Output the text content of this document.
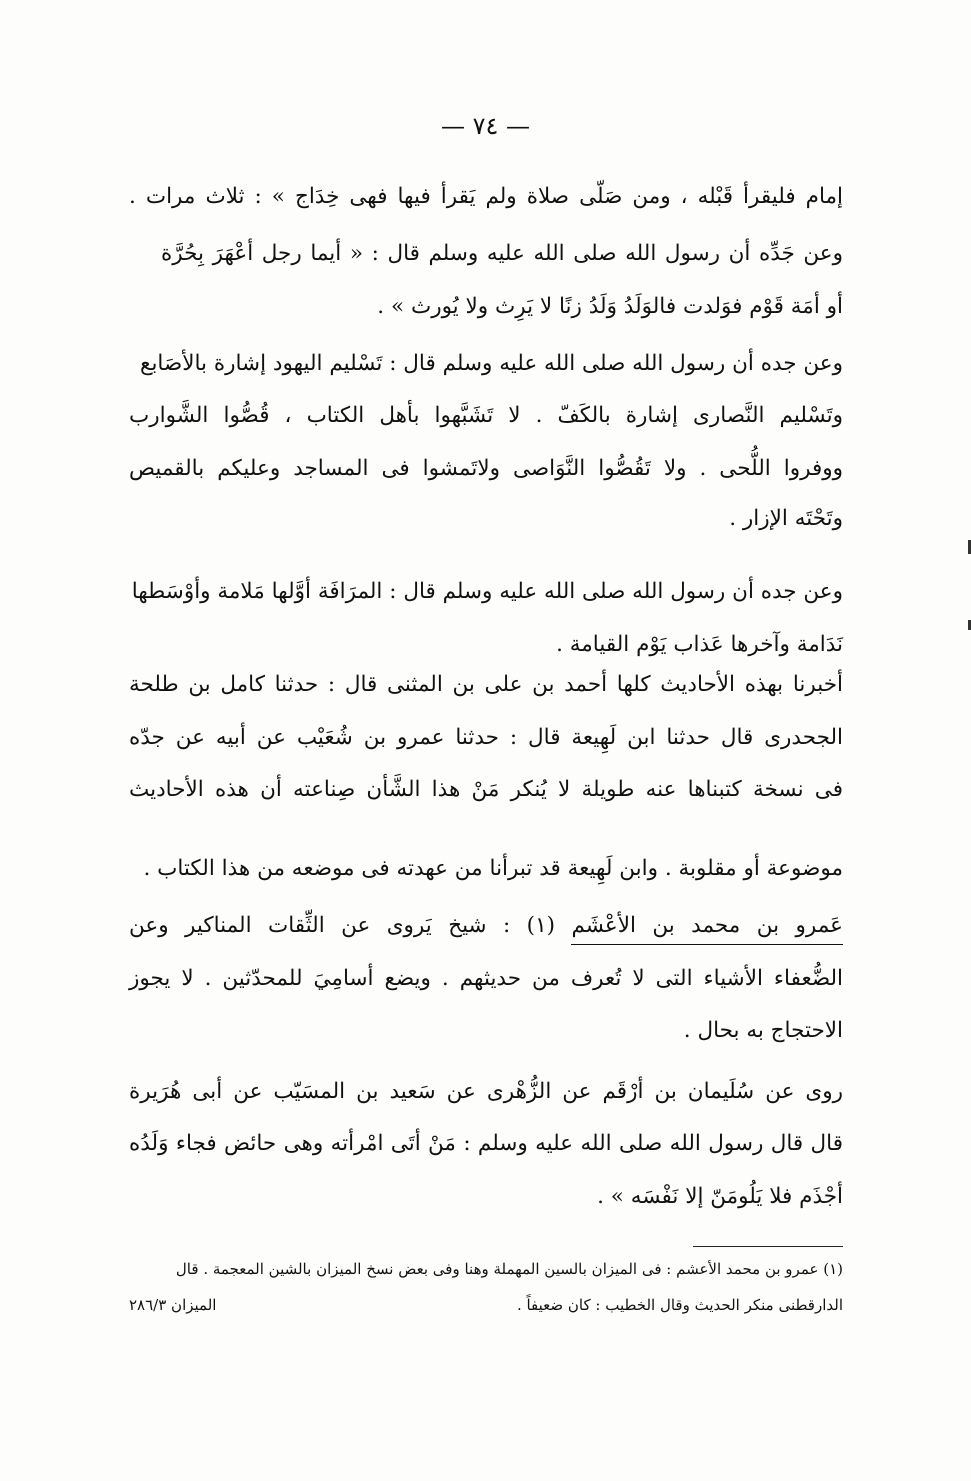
— ٧٤ —
إمام فليقرأ قَبْله ، ومن صَلّى صلاة ولم يَقرأ فيها فهى خِدَاج » : ثلاث مرات .
وعن جَدِّه أن رسول الله صلى الله عليه وسلم قال : « أيما رجل أعْهَرَ بِحُرَّة
أو أمَة قَوْم فوَلدت فالوَلَدُ وَلَدُ زنًا لا يَرِث ولا يُورث » .
وعن جده أن رسول الله صلى الله عليه وسلم قال : تَسْليم اليهود إشارة بالأصَابع
وتَسْليم النَّصارى إشارة بالكَفّ . لا تَشَبَّهوا بأهل الكتاب ، قُصُّوا الشَّوارب
ووفروا اللُّحى . ولا تَقُصُّوا النَّوَاصى ولاتَمشوا فى المساجد وعليكم بالقميص
وتَحْتَه الإزار .
وعن جده أن رسول الله صلى الله عليه وسلم قال : المرَافَة أوَّلها مَلامة وأوْسَطها
نَدَامة وآخرها عَذاب يَوْم القيامة .
أخبرنا بهذه الأحاديث كلها أحمد بن على بن المثنى قال : حدثنا كامل بن طلحة
الجحدرى قال حدثنا ابن لَهِيعة قال : حدثنا عمرو بن شُعَيْب عن أبيه عن جدّه
فى نسخة كتبناها عنه طويلة لا يُنكر مَنْ هذا الشَّأن صِناعته أن هذه الأحاديث
موضوعة أو مقلوبة . وابن لَهِيعة قد تبرأنا من عهدته فى موضعه من هذا الكتاب .
عَمرو بن محمد بن الأعْشَم (١) : شيخ يَروى عن الثِّقات المناكير وعن
الضُّعفاء الأشياء التى لا تُعرف من حديثهم . ويضع أسامِيَ للمحدّثين . لا يجوز
الاحتجاج به بحال .
روى عن سُلَيمان بن أرْقَم عن الزُّهْرى عن سَعيد بن المسَيّب عن أبى هُرَيرة
قال قال رسول الله صلى الله عليه وسلم : مَنْ أتَى امْرأته وهى حائض فجاء وَلَدُه
أجْذَم فلا يَلُومَنّ إلا نَفْسَه » .
(١) عمرو بن محمد الأعشم : فى الميزان بالسين المهملة وهنا وفى بعض نسخ الميزان بالشين المعجمة . قال
الدارقطنى منكر الحديث وقال الخطيب : كان ضعيفاً .
الميزان ٢٨٦/٣
